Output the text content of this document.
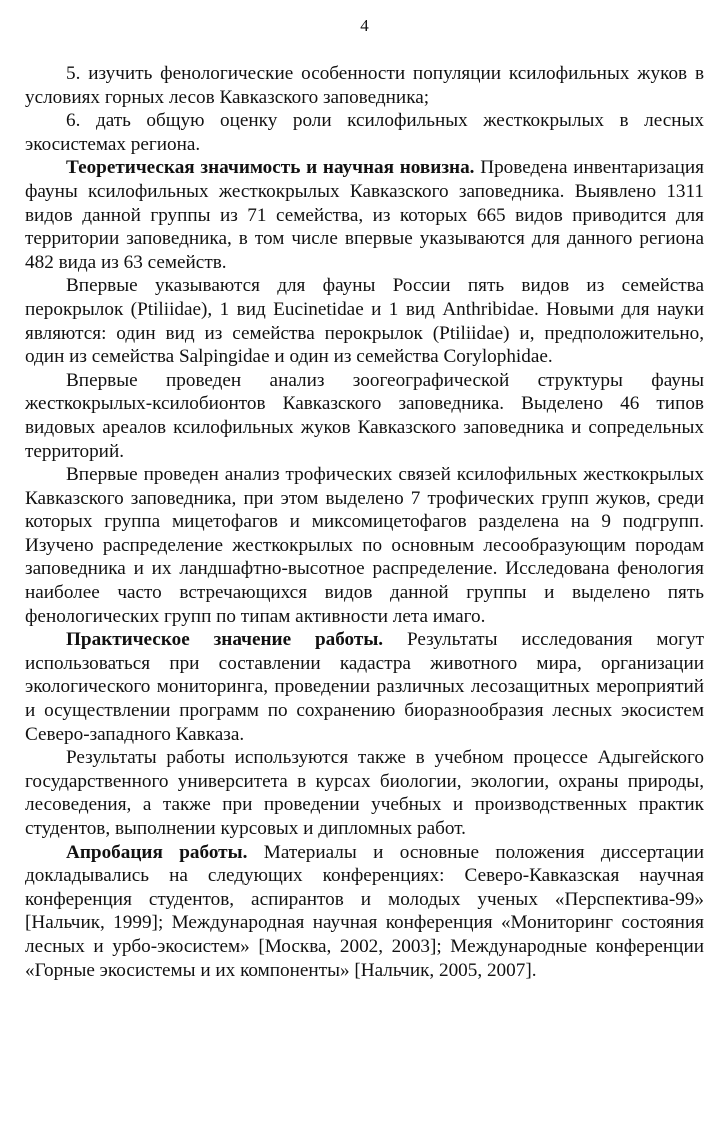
4

5. изучить фенологические особенности популяции ксилофильных жуков в условиях горных лесов Кавказского заповедника;

6. дать общую оценку роли ксилофильных жесткокрылых в лесных экосистемах региона.

Теоретическая значимость и научная новизна. Проведена инвентаризация фауны ксилофильных жесткокрылых Кавказского заповедника. Выявлено 1311 видов данной группы из 71 семейства, из которых 665 видов приводится для территории заповедника, в том числе впервые указываются для данного региона 482 вида из 63 семейств.

Впервые указываются для фауны России пять видов из семейства перокрылок (Ptiliidae), 1 вид Eucinetidae и 1 вид Anthribidae. Новыми для науки являются: один вид из семейства перокрылок (Ptiliidae) и, предположительно, один из семейства Salpingidae и один из семейства Corylophidae.

Впервые проведен анализ зоогеографической структуры фауны жесткокрылых-ксилобионтов Кавказского заповедника. Выделено 46 типов видовых ареалов ксилофильных жуков Кавказского заповедника и сопредельных территорий.

Впервые проведен анализ трофических связей ксилофильных жесткокрылых Кавказского заповедника, при этом выделено 7 трофических групп жуков, среди которых группа мицетофагов и миксомицетофагов разделена на 9 подгрупп. Изучено распределение жесткокрылых по основным лесообразующим породам заповедника и их ландшафтно-высотное распределение. Исследована фенология наиболее часто встречающихся видов данной группы и выделено пять фенологических групп по типам активности лета имаго.

Практическое значение работы. Результаты исследования могут использоваться при составлении кадастра животного мира, организации экологического мониторинга, проведении различных лесозащитных мероприятий и осуществлении программ по сохранению биоразнообразия лесных экосистем Северо-западного Кавказа.

Результаты работы используются также в учебном процессе Адыгейского государственного университета в курсах биологии, экологии, охраны природы, лесоведения, а также при проведении учебных и производственных практик студентов, выполнении курсовых и дипломных работ.

Апробация работы. Материалы и основные положения диссертации докладывались на следующих конференциях: Северо-Кавказская научная конференция студентов, аспирантов и молодых ученых «Перспектива-99» [Нальчик, 1999]; Международная научная конференция «Мониторинг состояния лесных и урбо-экосистем» [Москва, 2002, 2003]; Международные конференции «Горные экосистемы и их компоненты» [Нальчик, 2005, 2007].
